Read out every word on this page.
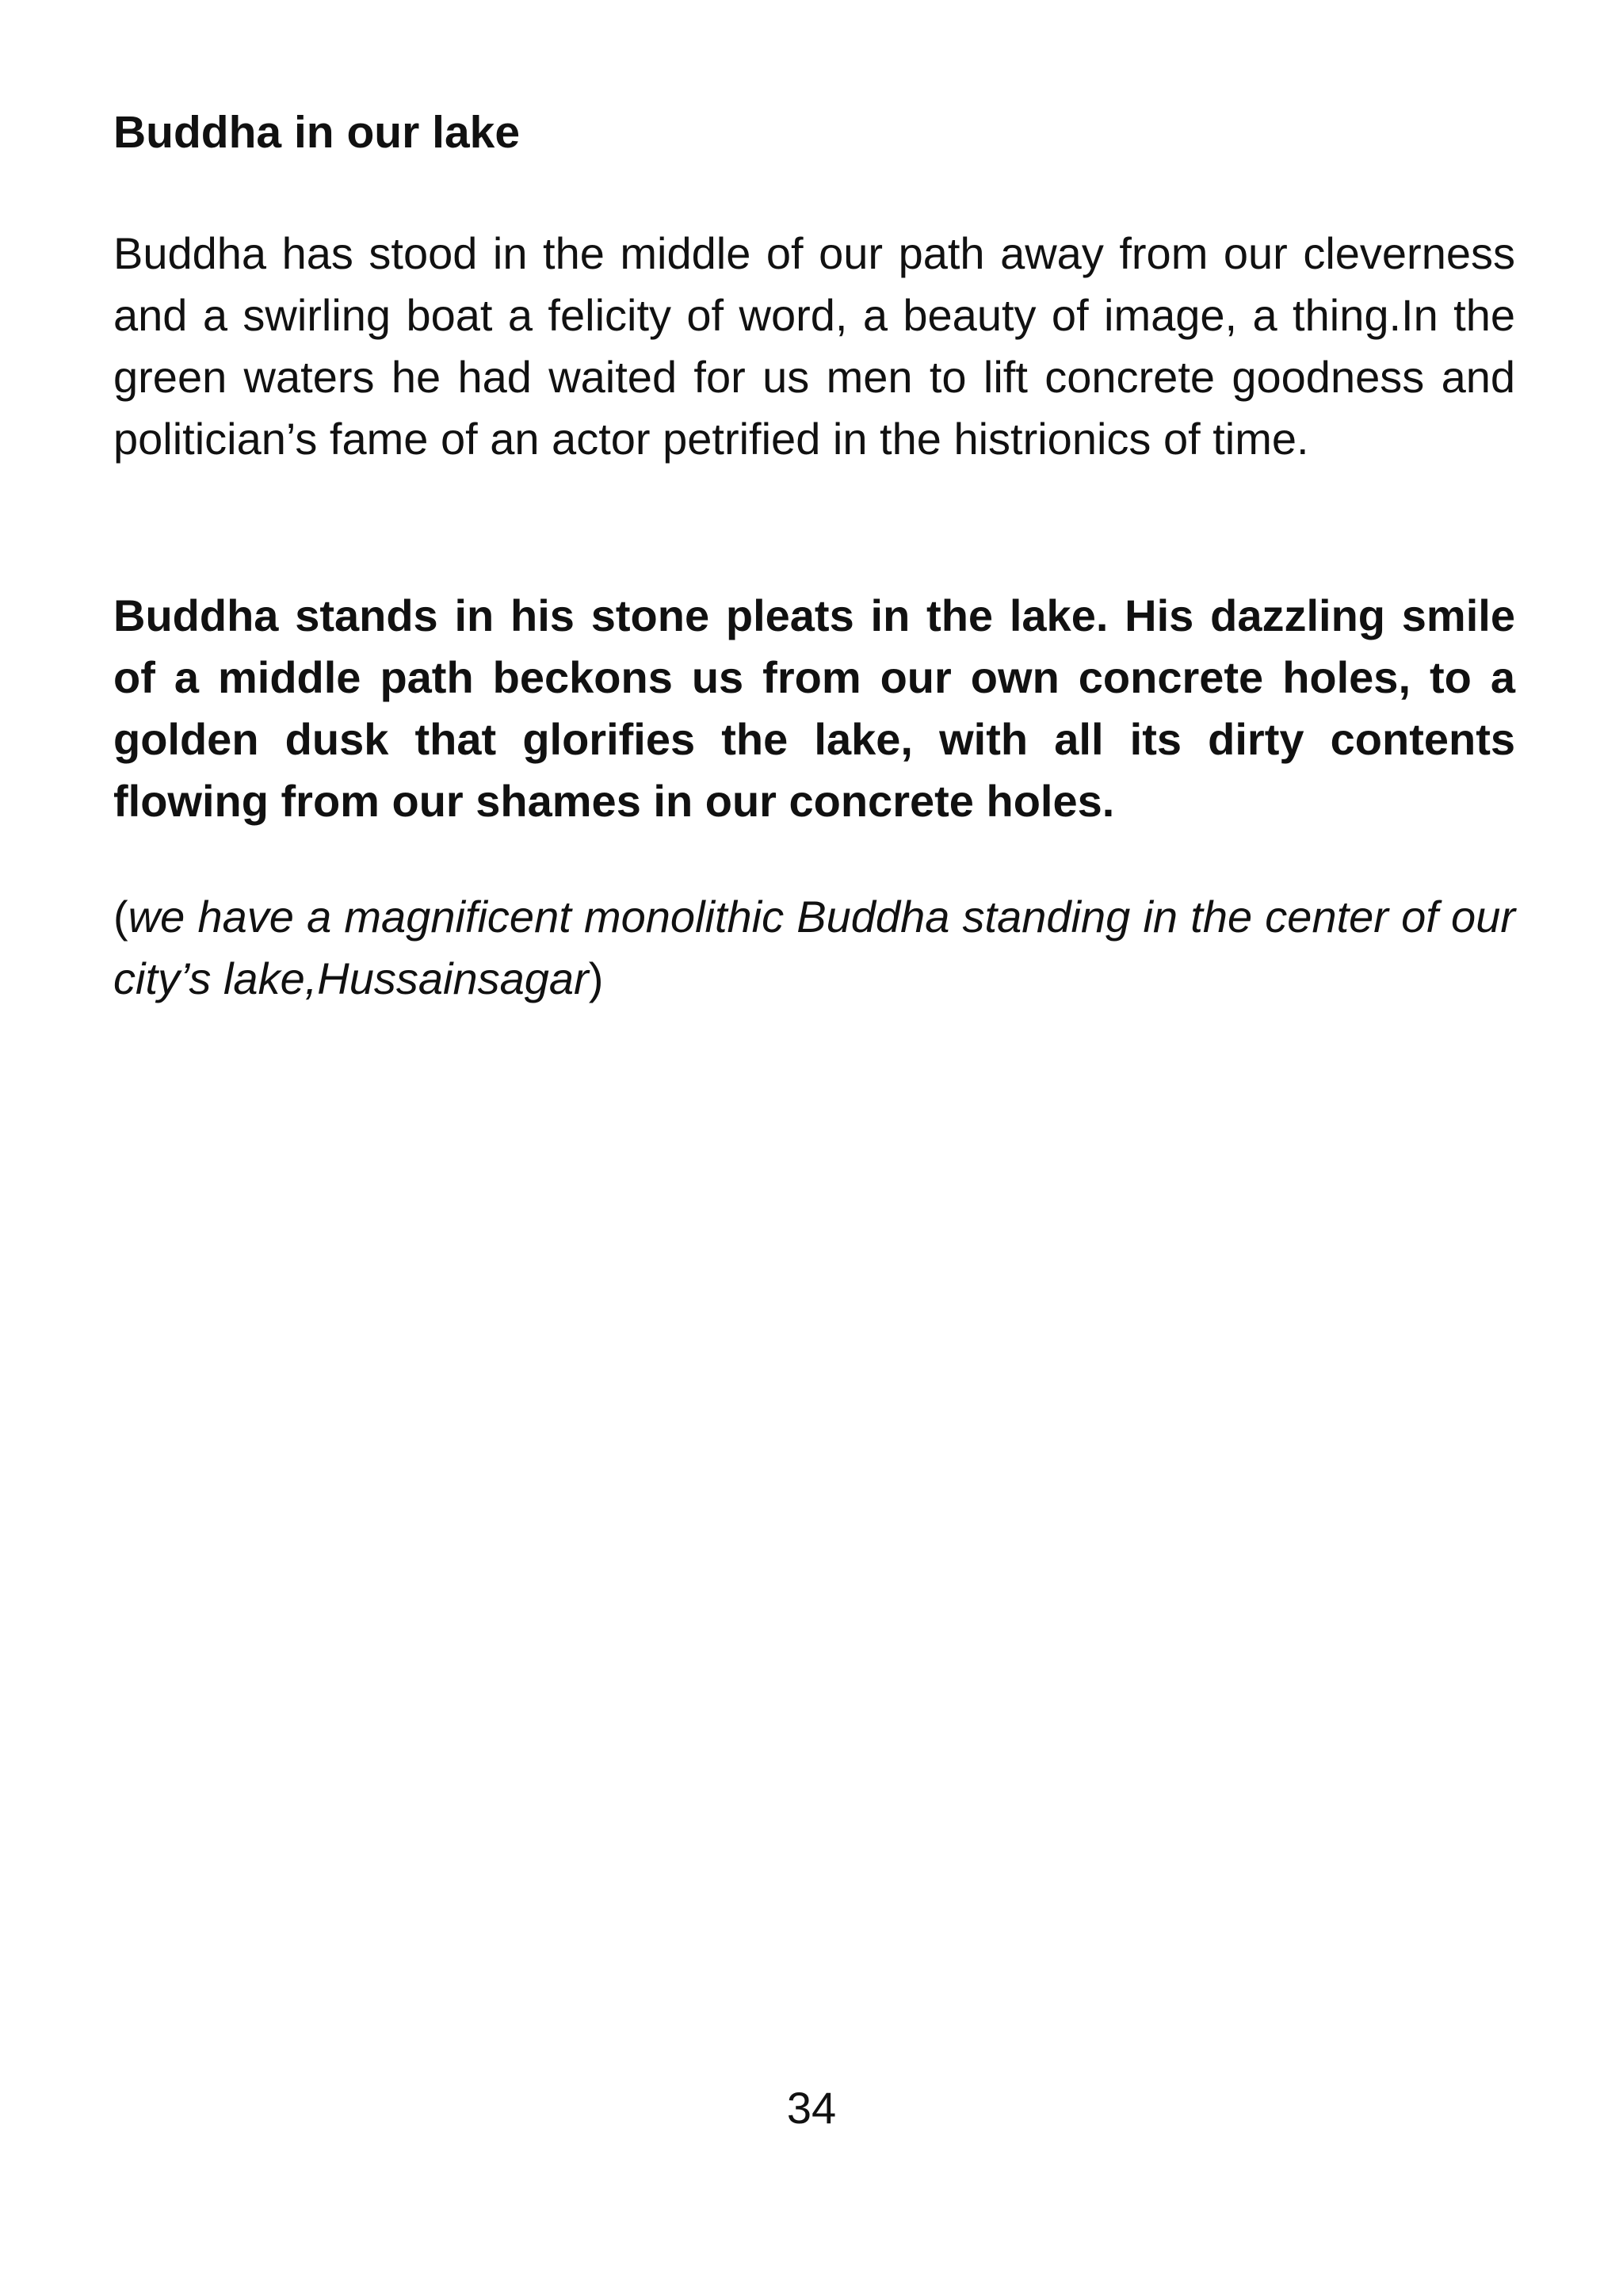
Buddha in our lake

Buddha has stood in the middle of our path away from our cleverness and a swirling boat a felicity of word, a beauty of image, a thing.In the green waters he had waited for us men to lift concrete goodness and politician’s fame of an actor petrified in the histrionics of time.

Buddha stands in his stone pleats in the lake. His dazzling smile of a middle path beckons us from our own concrete holes, to a golden dusk that glorifies the lake, with all its dirty contents flowing from our shames in our concrete holes.

(we have a magnificent monolithic Buddha standing in the center of our city’s lake,Hussainsagar)

34
